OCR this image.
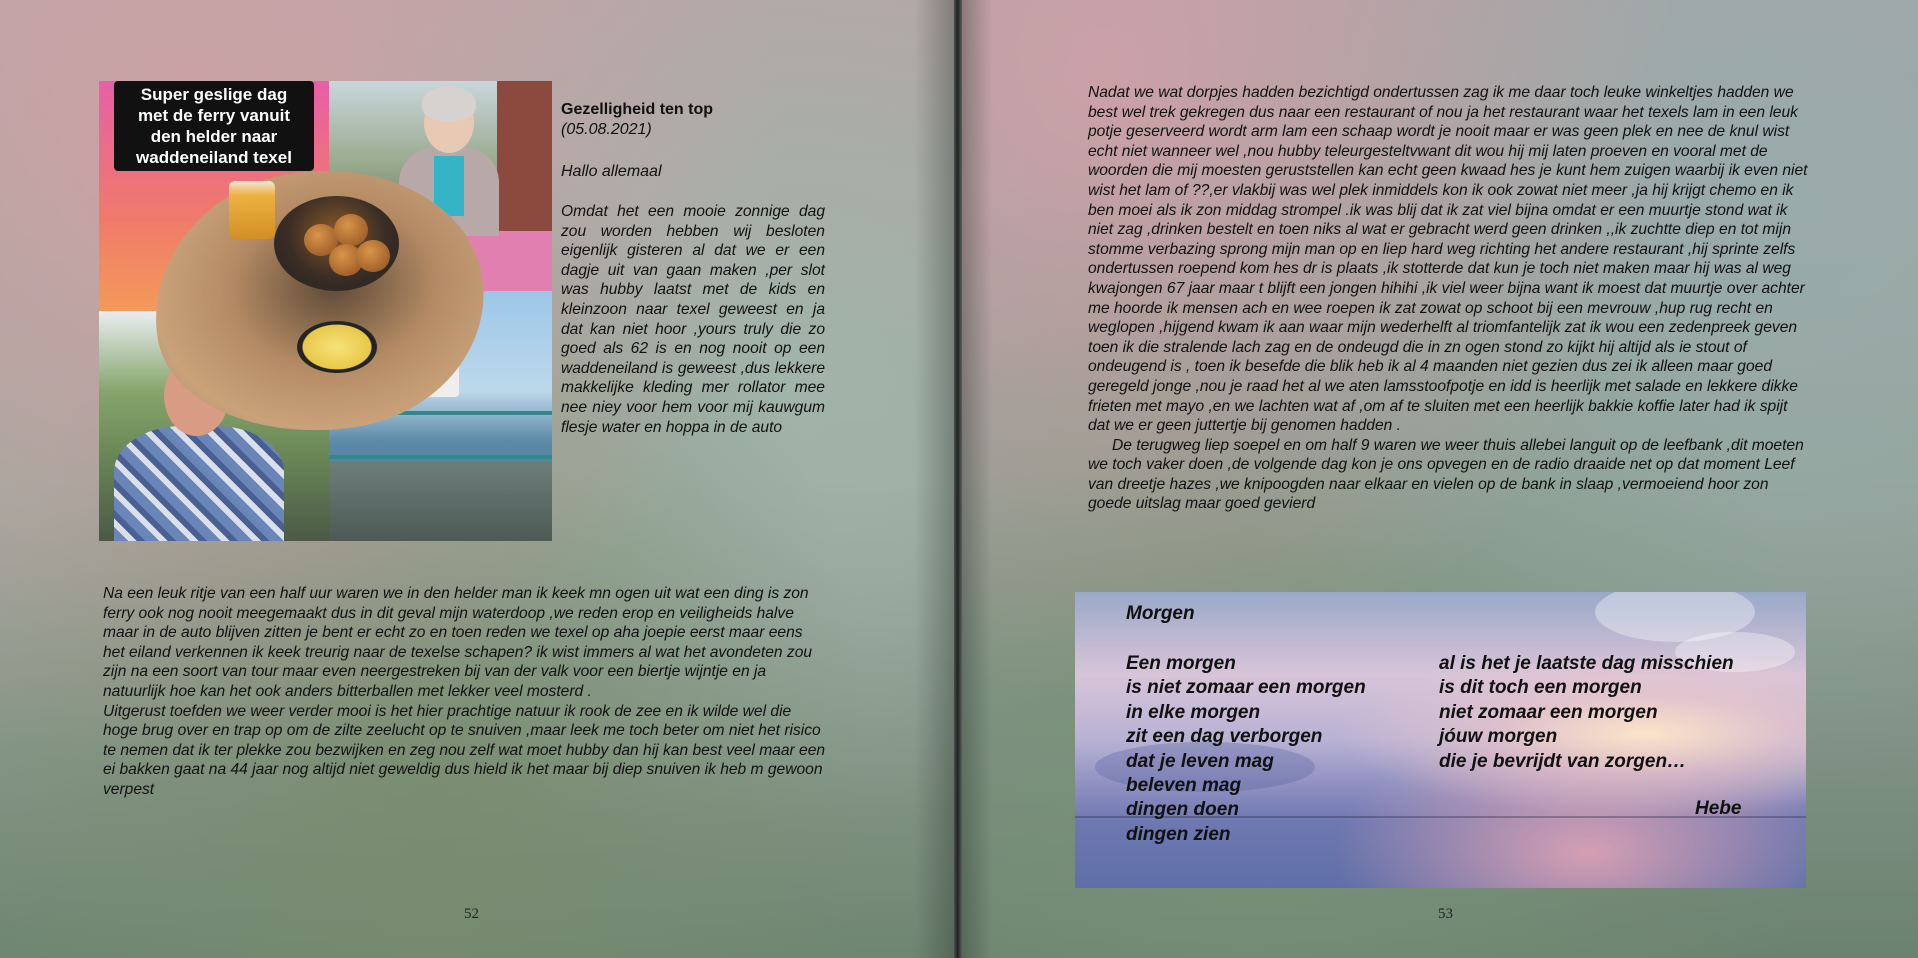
Super geslige dag
met de ferry vanuit
den helder naar
waddeneiland texel
Gezelligheid ten top
(05.08.2021)
Hallo allemaal
Omdat het een mooie zonnige dag zou worden hebben wij besloten eigenlijk gisteren al dat we er een dagje uit van gaan maken ,per slot was hubby laatst met de kids en kleinzoon naar texel geweest en ja dat kan niet hoor ,yours truly die zo goed als 62 is en nog nooit op een waddeneiland is geweest ,dus lekkere makkelijke kleding mer rollator mee nee niey voor hem voor mij kauwgum flesje water en hoppa in de auto

Na een leuk ritje van een half uur waren we in den helder man ik keek mn ogen uit wat een ding is zon ferry ook nog nooit meegemaakt dus in dit geval mijn waterdoop ,we reden erop en veiligheids halve maar in de auto blijven zitten je bent er echt zo en toen reden we texel op aha joepie eerst maar eens het eiland verkennen ik keek treurig naar de texelse schapen? ik wist immers al wat het avondeten zou zijn na een soort van tour maar even neergestreken bij van der valk voor een biertje wijntje en ja natuurlijk hoe kan het ook anders bitterballen met lekker veel mosterd .

Uitgerust toefden we weer verder mooi is het hier prachtige natuur ik rook de zee en ik wilde wel die hoge brug over en trap op om de zilte zeelucht op te snuiven ,maar leek me toch beter om niet het risico te nemen dat ik ter plekke zou bezwijken en zeg nou zelf wat moet hubby dan hij kan best veel maar een ei bakken gaat na 44 jaar nog altijd niet geweldig dus hield ik het maar bij diep snuiven ik heb m gewoon verpest

52

Nadat we wat dorpjes hadden bezichtigd ondertussen zag ik me daar toch leuke winkeltjes hadden we best wel trek gekregen dus naar een restaurant of nou ja het restaurant waar het texels lam in een leuk potje geserveerd wordt arm lam een schaap wordt je nooit maar er was geen plek en nee de knul wist echt niet wanneer wel ,nou hubby teleurgesteltvwant dit wou hij mij laten proeven en vooral met de woorden die mij moesten geruststellen kan echt geen kwaad hes je kunt hem zuigen waarbij ik even niet wist het lam of ??,er vlakbij was wel plek inmiddels kon ik ook zowat niet meer ,ja hij krijgt chemo en ik ben moei als ik zon middag strompel .ik was blij dat ik zat viel bijna omdat er een muurtje stond wat ik niet zag ,drinken bestelt en toen niks al wat er gebracht werd geen drinken ,,ik zuchtte diep en tot mijn stomme verbazing sprong mijn man op en liep hard weg richting het andere restaurant ,hij sprinte zelfs ondertussen roepend kom hes dr is plaats ,ik stotterde dat kun je toch niet maken maar hij was al weg kwajongen 67 jaar maar t blijft een jongen hihihi ,ik viel weer bijna want ik moest dat muurtje over achter me hoorde ik mensen ach en wee roepen ik zat zowat op schoot bij een mevrouw ,hup rug recht en weglopen ,hijgend kwam ik aan waar mijn wederhelft al triomfantelijk zat ik wou een zedenpreek geven toen ik die stralende lach zag en de ondeugd die in zn ogen stond zo kijkt hij altijd als ie stout of ondeugend is , toen ik besefde die blik heb ik al 4 maanden niet gezien dus zei ik alleen maar goed geregeld jonge ,nou je raad het al we aten lamsstoofpotje en idd is heerlijk met salade en lekkere dikke frieten met mayo ,en we lachten wat af ,om af te sluiten met een heerlijk bakkie koffie later had ik spijt dat we er geen juttertje bij genomen hadden .

De terugweg liep soepel en om half 9 waren we weer thuis allebei languit op de leefbank ,dit moeten we toch vaker doen ,de volgende dag kon je ons opvegen en de radio draaide net op dat moment Leef van dreetje hazes ,we knipoogden naar elkaar en vielen op de bank in slaap ,vermoeiend hoor zon goede uitslag maar goed gevierd

Morgen
Een morgen
is niet zomaar een morgen
in elke morgen
zit een dag verborgen
dat je leven mag
beleven mag
dingen doen
dingen zien
al is het je laatste dag misschien
is dit toch een morgen
niet zomaar een morgen
jóuw morgen
die je bevrijdt van zorgen…
Hebe
53
